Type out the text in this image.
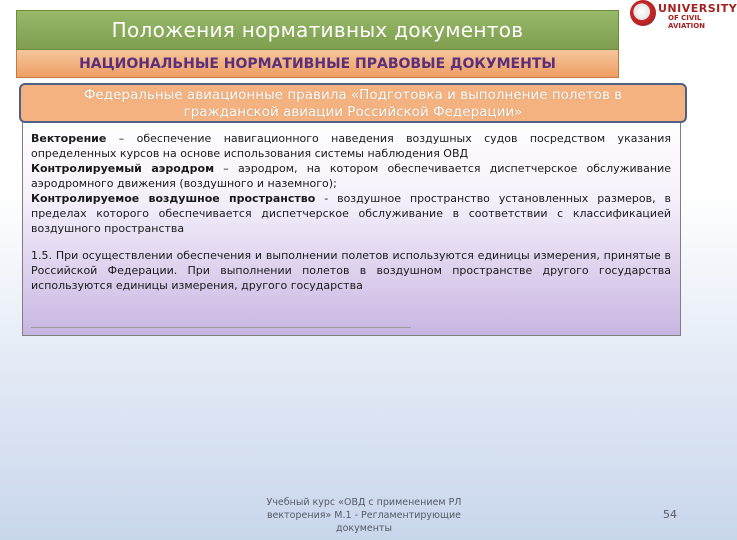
Положения нормативных документов
НАЦИОНАЛЬНЫЕ НОРМАТИВНЫЕ ПРАВОВЫЕ ДОКУМЕНТЫ
UNIVERSITY
OF CIVIL AVIATION

Векторение – обеспечение навигационного наведения воздушных судов посредством указания определенных курсов на основе использования системы наблюдения ОВД

Контролируемый аэродром – аэродром, на котором обеспечивается диспетчерское обслуживание аэродромного движения (воздушного и наземного);

Контролируемое воздушное пространство - воздушное пространство установленных размеров, в пределах которого обеспечивается диспетчерское обслуживание в соответствии с классификацией воздушного пространства

1.5. При осуществлении обеспечения и выполнении полетов используются единицы измерения, принятые в Российской Федерации. При выполнении полетов в воздушном пространстве другого государства используются единицы измерения, другого государства

Федеральные авиационные правила «Подготовка и выполнение полетов в
гражданской авиации Российской Федерации»
Учебный курс «ОВД с применением РЛ векторения» М.1 - Регламентирующие документы
54
